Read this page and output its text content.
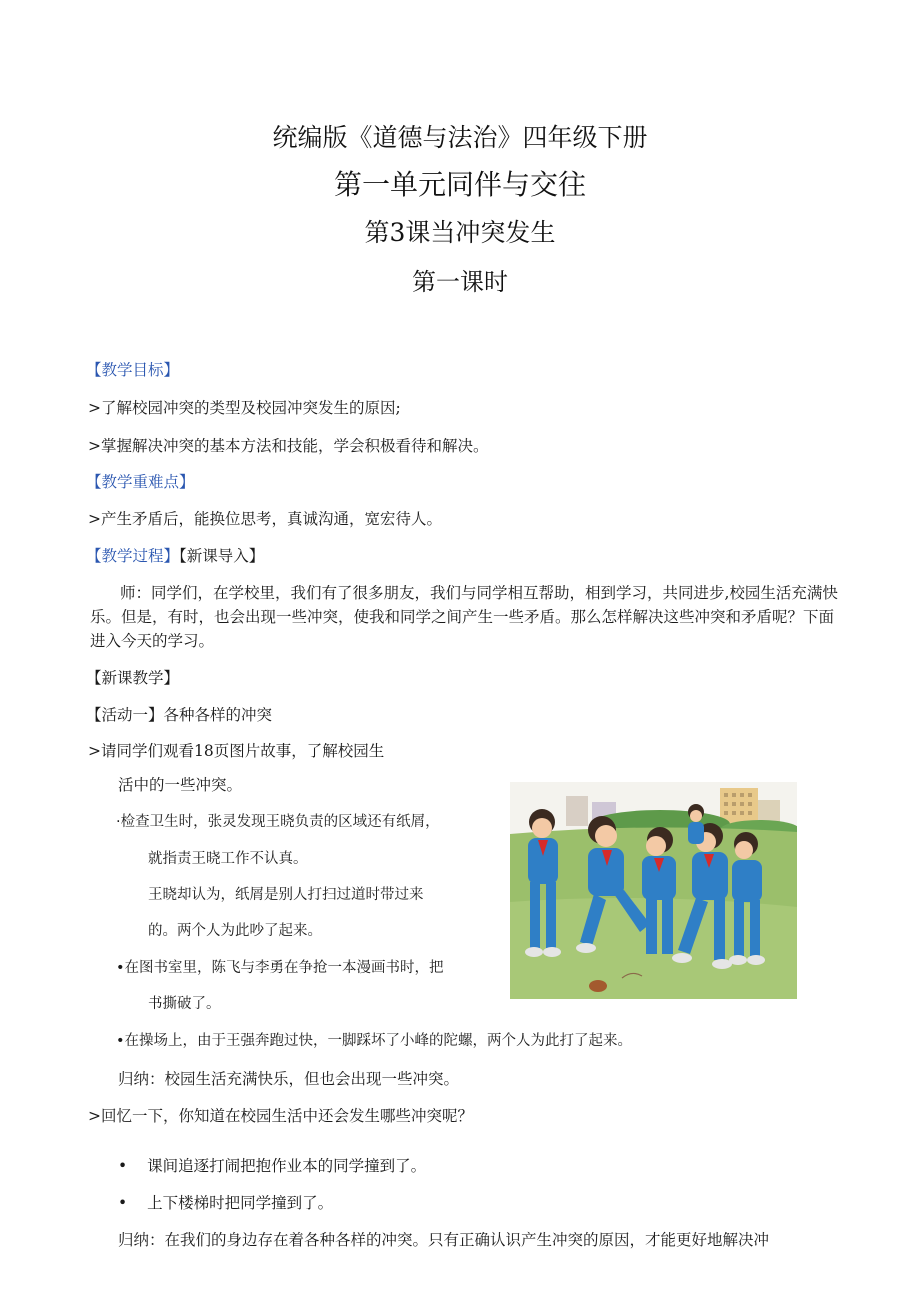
统编版《道德与法治》四年级下册
第一单元同伴与交往
第3课当冲突发生
第一课时
【教学目标】
>了解校园冲突的类型及校园冲突发生的原因;
>掌握解决冲突的基本方法和技能，学会积极看待和解决。
【教学重难点】
>产生矛盾后，能换位思考，真诚沟通，宽宏待人。
【教学过程】【新课导入】
师：同学们，在学校里，我们有了很多朋友，我们与同学相互帮助，相到学习，共同进步,校园生活充满快乐。但是，有时，也会出现一些冲突，使我和同学之间产生一些矛盾。那么怎样解决这些冲突和矛盾呢？下面进入今天的学习。
【新课教学】
【活动一】各种各样的冲突
>请同学们观看18页图片故事，了解校园生
活中的一些冲突。
·检查卫生时，张灵发现王晓负责的区域还有纸屑，
就指责王晓工作不认真。
王晓却认为，纸屑是别人打扫过道时带过来
的。两个人为此吵了起来。
•在图书室里，陈飞与李勇在争抢一本漫画书时，把
书撕破了。
•在操场上，由于王强奔跑过快，一脚踩坏了小峰的陀螺，两个人为此打了起来。
归纳：校园生活充满快乐，但也会出现一些冲突。
>回忆一下，你知道在校园生活中还会发生哪些冲突呢？
• 课间追逐打闹把抱作业本的同学撞到了。
• 上下楼梯时把同学撞到了。
归纳：在我们的身边存在着各种各样的冲突。只有正确认识产生冲突的原因，才能更好地解决冲
